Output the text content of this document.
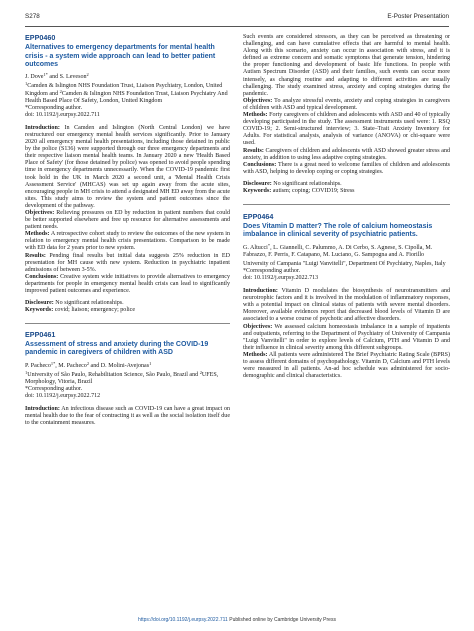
S278	E-Poster Presentation

EPP0460

Alternatives to emergency departments for mental health crisis - a system wide approach can lead to better patient outcomes

J. Dove$^{1*}$ and S. Leveson$^2$

$^1$Camden & Islington NHS Foundation Trust, Liaison Psychiatry, London, United Kingdom and $^2$Camden & Islington NHS Foundation Trust, Liaison Psychiatry And Health Based Place Of Safety, London, United Kingdom

*Corresponding author.

doi: 10.1192/j.eurpsy.2022.711

Introduction: In Camden and Islington (North Central London) we have restructured our emergency mental health services significantly. Prior to January 2020 all emergency mental health presentations, including those detained in public by the police (S136) were supported through our three emergency departments and their respective liaison mental health teams. In January 2020 a new 'Health Based Place of Safety' (for those detained by police) was opened to avoid people spending time in emergency departments unnecessarily. When the COVID-19 pandemic first took hold in the UK in March 2020 a second unit, a 'Mental Health Crisis Assessment Service' (MHCAS) was set up again away from the acute sites, encouraging people in MH crisis to attend a designated MH ED away from the acute sites. This study aims to review the system and patient outcomes since the development of the pathway.

Objectives: Relieving pressures on ED by reduction in patient numbers that could be better supported elsewhere and free up resource for alternative assessments and patient needs.

Methods: A retrospective cohort study to review the outcomes of the new system in relation to emergency mental health crisis presentations. Comparison to be made with ED data for 2 years prior to new system.

Results: Pending final results but initial data suggests 25% reduction in ED presentation for MH cause with new system. Reduction in psychiatric inpatient admissions of between 3-5%.

Conclusions: Creative system wide initiatives to provide alternatives to emergency departments for people in emergency mental health crisis can lead to significantly improved patient outcomes and experience.

Disclosure: No significant relationships.

Keywords: covid; liaison; emergency; police

EPP0461

Assessment of stress and anxiety during the COVID-19 pandemic in caregivers of children with ASD

P. Pacheco$^{1*}$, M. Pacheco$^2$ and D. Molini-Avejonas$^1$

$^1$University of São Paulo, Rehabilitation Science, São Paulo, Brazil and $^2$UFES, Morphology, Vitoria, Brazil

*Corresponding author.

doi: 10.1192/j.eurpsy.2022.712

Introduction: An infectious disease such as COVID-19 can have a great impact on mental health due to the fear of contracting it as well as the social isolation itself due to the containment measures.

Such events are considered stressors, as they can be perceived as threatening or challenging, and can have cumulative effects that are harmful to mental health. Along with this scenario, anxiety can occur in association with stress, and it is defined as extreme concern and somatic symptoms that generate tension, hindering the proper functioning and development of basic life functions. In people with Autism Spectrum Disorder (ASD) and their families, such events can occur more intensely, as changing routine and adapting to different activities are usually challenging. The study examined stress, anxiety and coping strategies during the pandemic.

Objectives: To analyze stressful events, anxiety and coping strategies in caregivers of children with ASD and typical development.

Methods: Forty caregivers of children and adolescents with ASD and 40 of typically developing participated in the study. The assessment instruments used were: 1. RSQ COVID-19; 2. Semi-structured interview; 3. State–Trait Anxiety Inventory for Adults. For statistical analysis, analysis of variance (ANOVA) or chi-square were used.

Results: Caregivers of children and adolescents with ASD showed greater stress and anxiety, in addition to using less adaptive coping strategies.

Conclusions: There is a great need to welcome families of children and adolescents with ASD, helping to develop coping or coping strategies.

Disclosure: No significant relationships.

Keywords: autism; coping; COVID19; Stress

EPP0464

Does Vitamin D matter? The role of calcium homeostasis imbalance in clinical severity of psychiatric patients.

G. Altucci*, L. Giannelli, C. Palummo, A. Di Cerbo, S. Agnese, S. Cipolla, M. Fabrazzo, F. Perris, F. Catapano, M. Luciano, G. Sampogna and A. Fiorillo

University of Campania "Luigi Vanvitelli", Department Of Psychiatry, Naples, Italy

*Corresponding author.

doi: 10.1192/j.eurpsy.2022.713

Introduction: Vitamin D modulates the biosynthesis of neurotransmitters and neurotrophic factors and it is involved in the modulation of inflammatory responses, with a potential impact on clinical status of patients with severe mental disorders. Moreover, available evidences report that decreased blood levels of Vitamin D are associated to a worse course of psychotic and affective disorders.

Objectives: We assessed calcium homeostasis imbalance in a sample of inpatients and outpatients, referring to the Department of Psychiatry of University of Campania "Luigi Vanvitelli" in order to explore levels of Calcium, PTH and Vitamin D and their influence in clinical severity among this different subgroups.

Methods: All patients were administered The Brief Psychiatric Rating Scale (BPRS) to assess different domains of psychopathology. Vitamin D, Calcium and PTH levels were measured in all patients. An-ad hoc schedule was administered for socio-demographic and clinical characteristics.

https://doi.org/10.1192/j.eurpsy.2022.711 Published online by Cambridge University Press
